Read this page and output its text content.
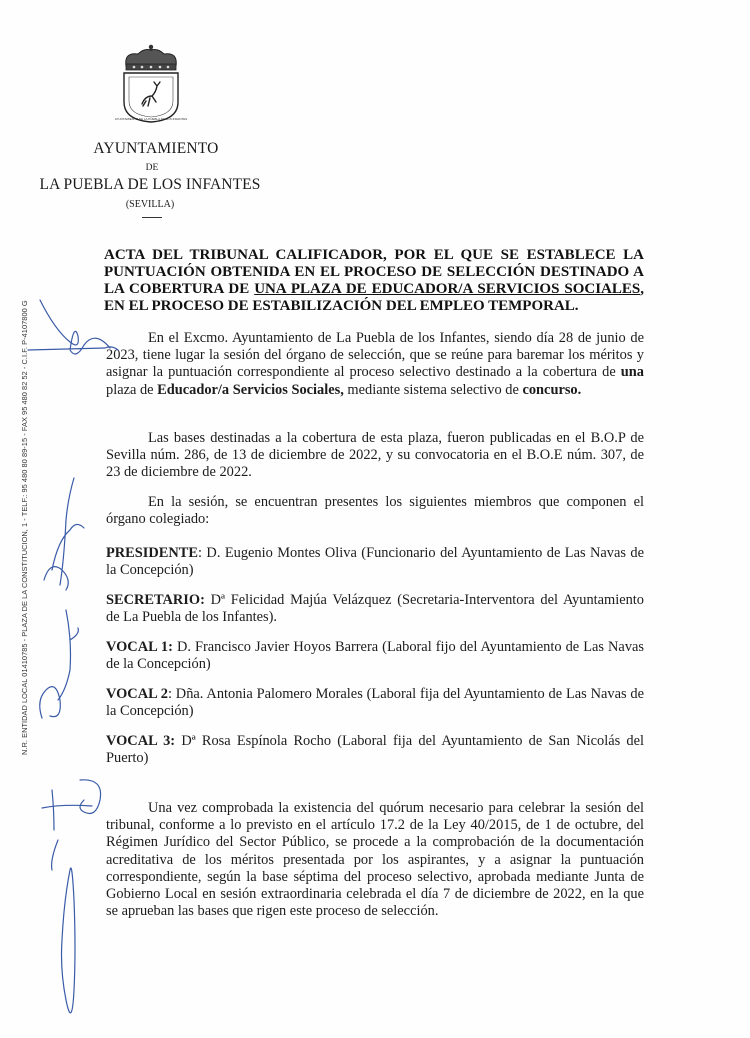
AYUNTAMIENTO DE LA PUEBLA DE LOS INFANTES
AYUNTAMIENTO
DE
LA PUEBLA DE LOS INFANTES
(SEVILLA)
N.R. ENTIDAD LOCAL 01410785 - PLAZA DE LA CONSTITUCION, 1 - TELF.: 95 480 80 89-15 - FAX 95 480 82 52 - C.I.F. P-4107800 G

ACTA DEL TRIBUNAL CALIFICADOR, POR EL QUE SE ESTABLECE LA

PUNTUACIÓN OBTENIDA EN EL PROCESO DE SELECCIÓN DESTINADO A

LA COBERTURA DE UNA PLAZA DE EDUCADOR/A SERVICIOS SOCIALES,

EN EL PROCESO DE ESTABILIZACIÓN DEL EMPLEO TEMPORAL.

En el Excmo. Ayuntamiento de La Puebla de los Infantes, siendo día 28 de junio de 2023, tiene lugar la sesión del órgano de selección, que se reúne para baremar los méritos y asignar la puntuación correspondiente al proceso selectivo destinado a la cobertura de una plaza de Educador/a Servicios Sociales, mediante sistema selectivo de concurso.
Las bases destinadas a la cobertura de esta plaza, fueron publicadas en el B.O.P de Sevilla núm. 286, de 13 de diciembre de 2022, y su convocatoria en el B.O.E núm. 307, de 23 de diciembre de 2022.
En la sesión, se encuentran presentes los siguientes miembros que componen el órgano colegiado:
PRESIDENTE: D. Eugenio Montes Oliva (Funcionario del Ayuntamiento de Las Navas de la Concepción)
SECRETARIO: Dª Felicidad Majúa Velázquez (Secretaria-Interventora del Ayuntamiento de La Puebla de los Infantes).
VOCAL 1: D. Francisco Javier Hoyos Barrera (Laboral fijo del Ayuntamiento de Las Navas de la Concepción)
VOCAL 2: Dña. Antonia Palomero Morales (Laboral fija del Ayuntamiento de Las Navas de la Concepción)
VOCAL 3: Dª Rosa Espínola Rocho (Laboral fija del Ayuntamiento de San Nicolás del Puerto)
Una vez comprobada la existencia del quórum necesario para celebrar la sesión del tribunal, conforme a lo previsto en el artículo 17.2 de la Ley 40/2015, de 1 de octubre, del Régimen Jurídico del Sector Público, se procede a la comprobación de la documentación acreditativa de los méritos presentada por los aspirantes, y a asignar la puntuación correspondiente, según la base séptima del proceso selectivo, aprobada mediante Junta de Gobierno Local en sesión extraordinaria celebrada el día 7 de diciembre de 2022, en la que se aprueban las bases que rigen este proceso de selección.
